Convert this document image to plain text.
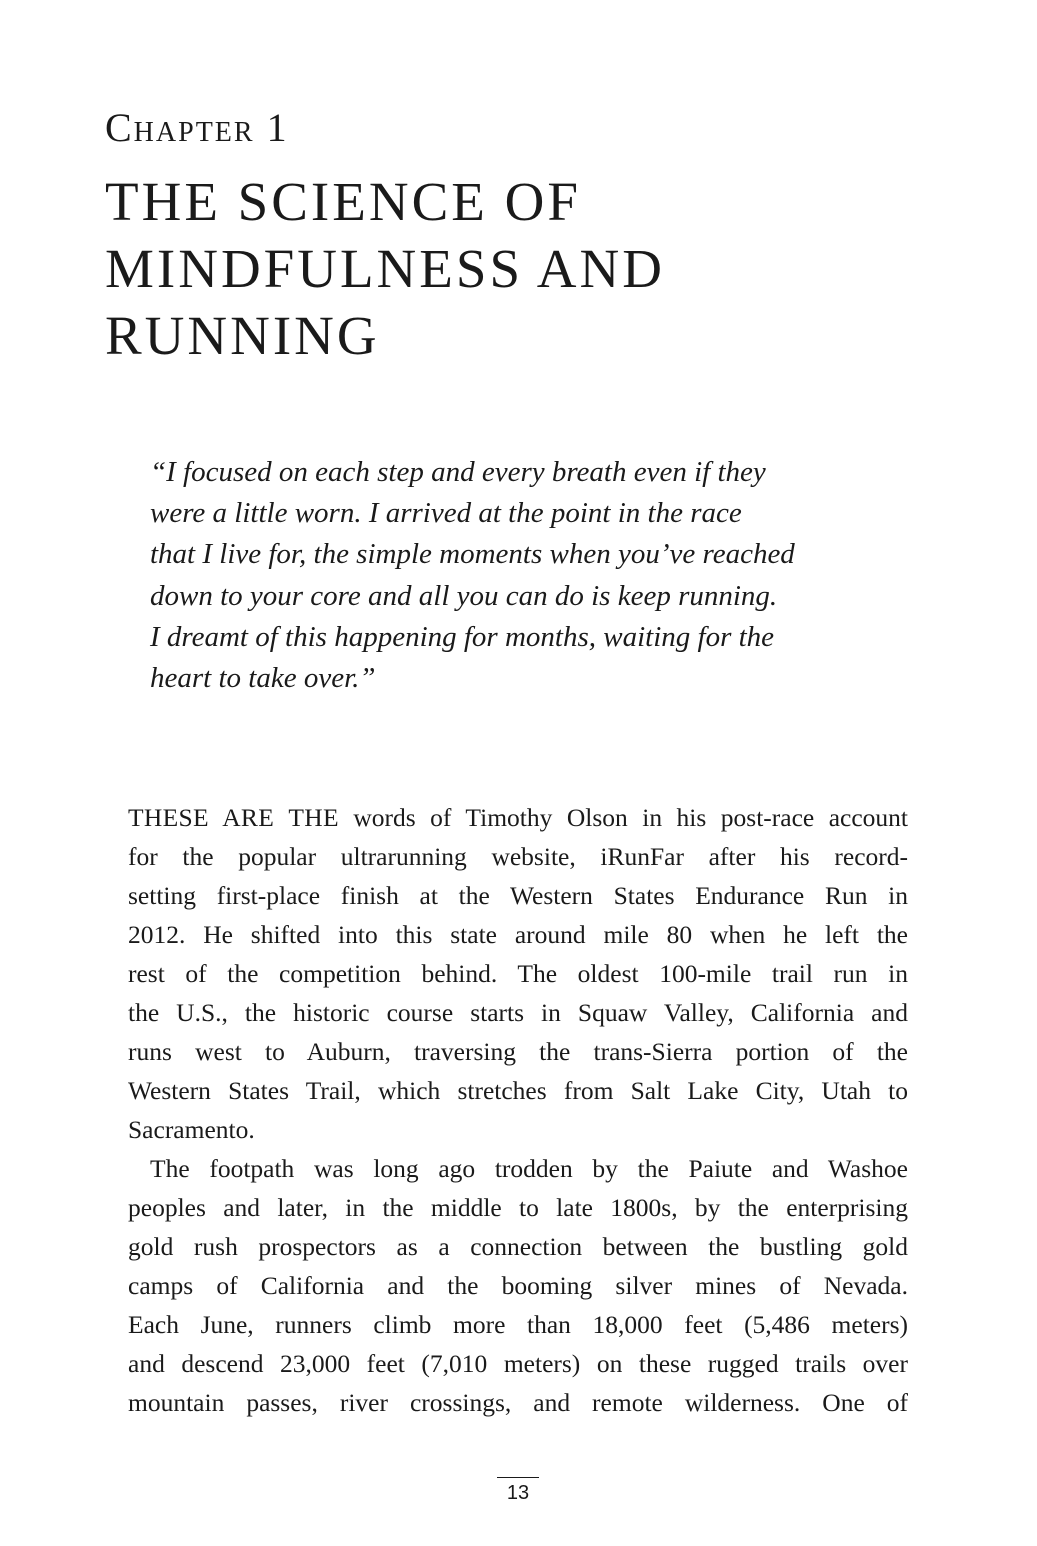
Chapter 1
THE SCIENCE OF
MINDFULNESS AND
RUNNING
“I focused on each step and every breath even if they
were a little worn. I arrived at the point in the race
that I live for, the simple moments when you’ve reached
down to your core and all you can do is keep running.
I dreamt of this happening for months, waiting for the
heart to take over.”
THESE ARE THE words of Timothy Olson in his post-race account
for the popular ultrarunning website, iRunFar after his record-
setting first-place finish at the Western States Endurance Run in
2012. He shifted into this state around mile 80 when he left the
rest of the competition behind. The oldest 100-mile trail run in
the U.S., the historic course starts in Squaw Valley, California and
runs west to Auburn, traversing the trans-Sierra portion of the
Western States Trail, which stretches from Salt Lake City, Utah to
Sacramento.
The footpath was long ago trodden by the Paiute and Washoe
peoples and later, in the middle to late 1800s, by the enterprising
gold rush prospectors as a connection between the bustling gold
camps of California and the booming silver mines of Nevada.
Each June, runners climb more than 18,000 feet (5,486 meters)
and descend 23,000 feet (7,010 meters) on these rugged trails over
mountain passes, river crossings, and remote wilderness. One of
13
